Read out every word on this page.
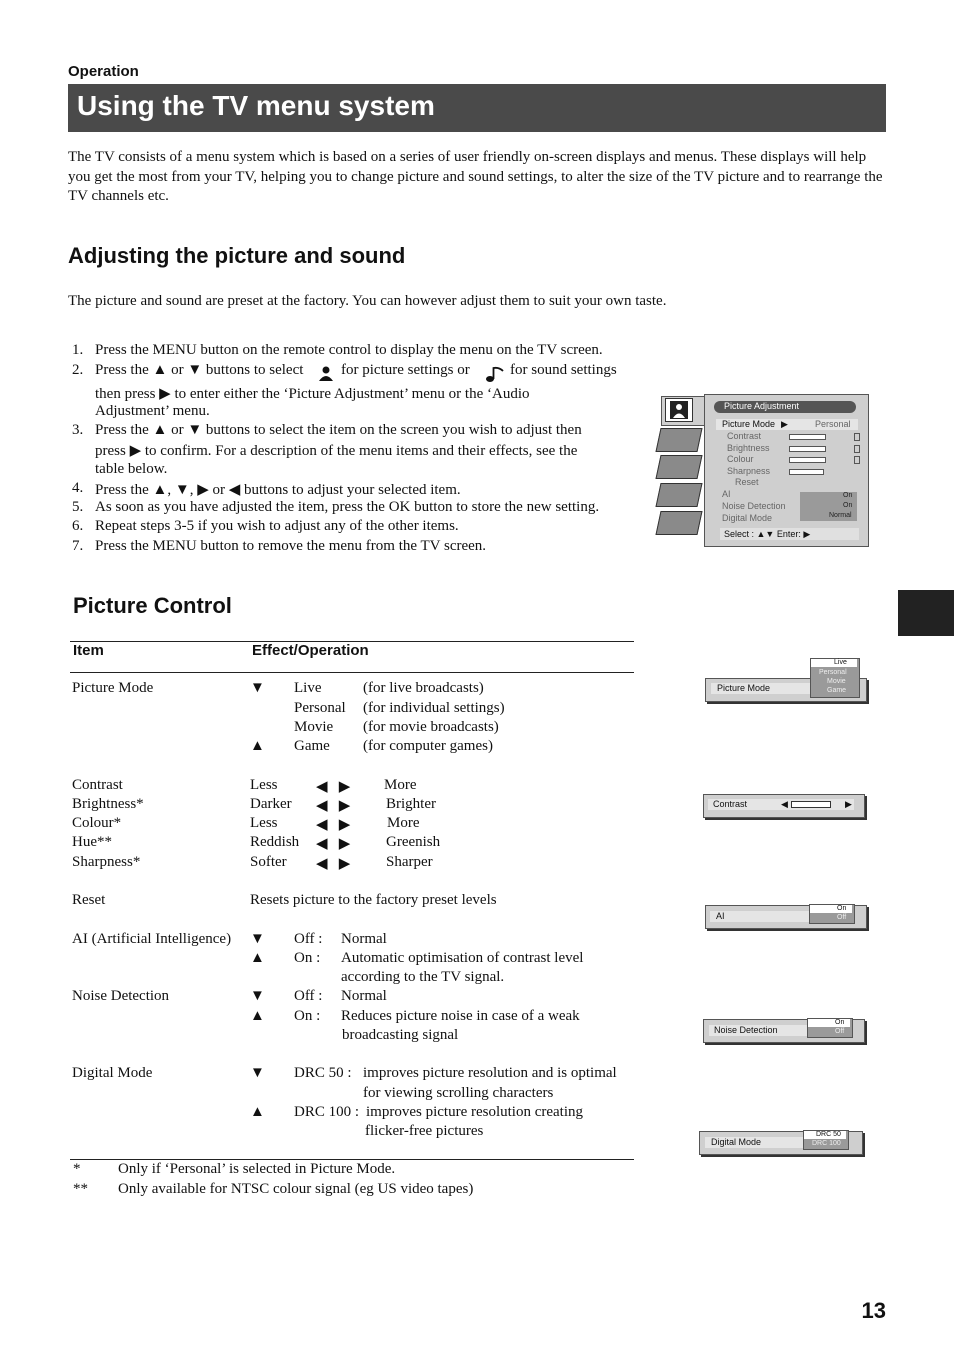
Operation
Using the TV menu system
The TV consists of a menu system which is based on a series of user friendly on-screen displays and menus. These displays will help you get the most from your TV, helping you to change picture and sound settings, to alter the size of the TV picture and to rearrange the TV channels etc.
Adjusting the picture and sound
The picture and sound are preset at the factory. You can however adjust them to suit your own taste.
1. Press the MENU button on the remote control to display the menu on the TV screen.
2. Press the ▲ or ▼ buttons to select	for picture settings or	for sound settings
then press ▶ to enter either the ‘Picture Adjustment’ menu or the ‘Audio
Adjustment’ menu.
3. Press the ▲ or ▼ buttons to select the item on the screen you wish to adjust then
press ▶ to confirm. For a description of the menu items and their effects, see the
table below.
4. Press the ▲, ▼, ▶ or ◀ buttons to adjust your selected item.
5. As soon as you have adjusted the item, press the OK button to store the new setting.
6. Repeat steps 3-5 if you wish to adjust any of the other items.
7. Press the MENU button to remove the menu from the TV screen.
Picture Adjustment
Picture Mode ▶	Personal
Contrast
Brightness
Colour
Sharpness
Reset
AI
Noise Detection
Digital Mode
On
On
Normal
Select : ▲▼ Enter: ▶
Picture Control
Item	Effect/Operation
Picture Mode	▼ Live	(for live broadcasts)
Personal (for individual settings)
Movie (for movie broadcasts)
▲ Game (for computer games)
Contrast	Less	◀   ▶ More
Brightness*	Darker ◀   ▶ Brighter
Colour*	Less	◀   ▶ More
Hue**	Reddish ◀   ▶ Greenish
Sharpness*	Softer ◀   ▶ Sharper
Reset	Resets picture to the factory preset levels
AI (Artificial Intelligence) ▼ Off : Normal
▲ On : Automatic optimisation of contrast level
according to the TV signal.
Noise Detection	▼ Off : Normal
▲ On : Reduces picture noise in case of a weak
broadcasting signal
Digital Mode	▼ DRC 50 : improves picture resolution and is optimal
for viewing scrolling characters
▲ DRC 100 : improves picture resolution creating
flicker-free pictures
*	Only if ‘Personal’ is selected in Picture Mode.
** Only available for NTSC colour signal (eg US video tapes)
Picture Mode
Live
Personal
Movie
Game
Contrast	◀	▶
AI
On
Off
Noise Detection
On
Off
Digital Mode
DRC 50
DRC 100
13
